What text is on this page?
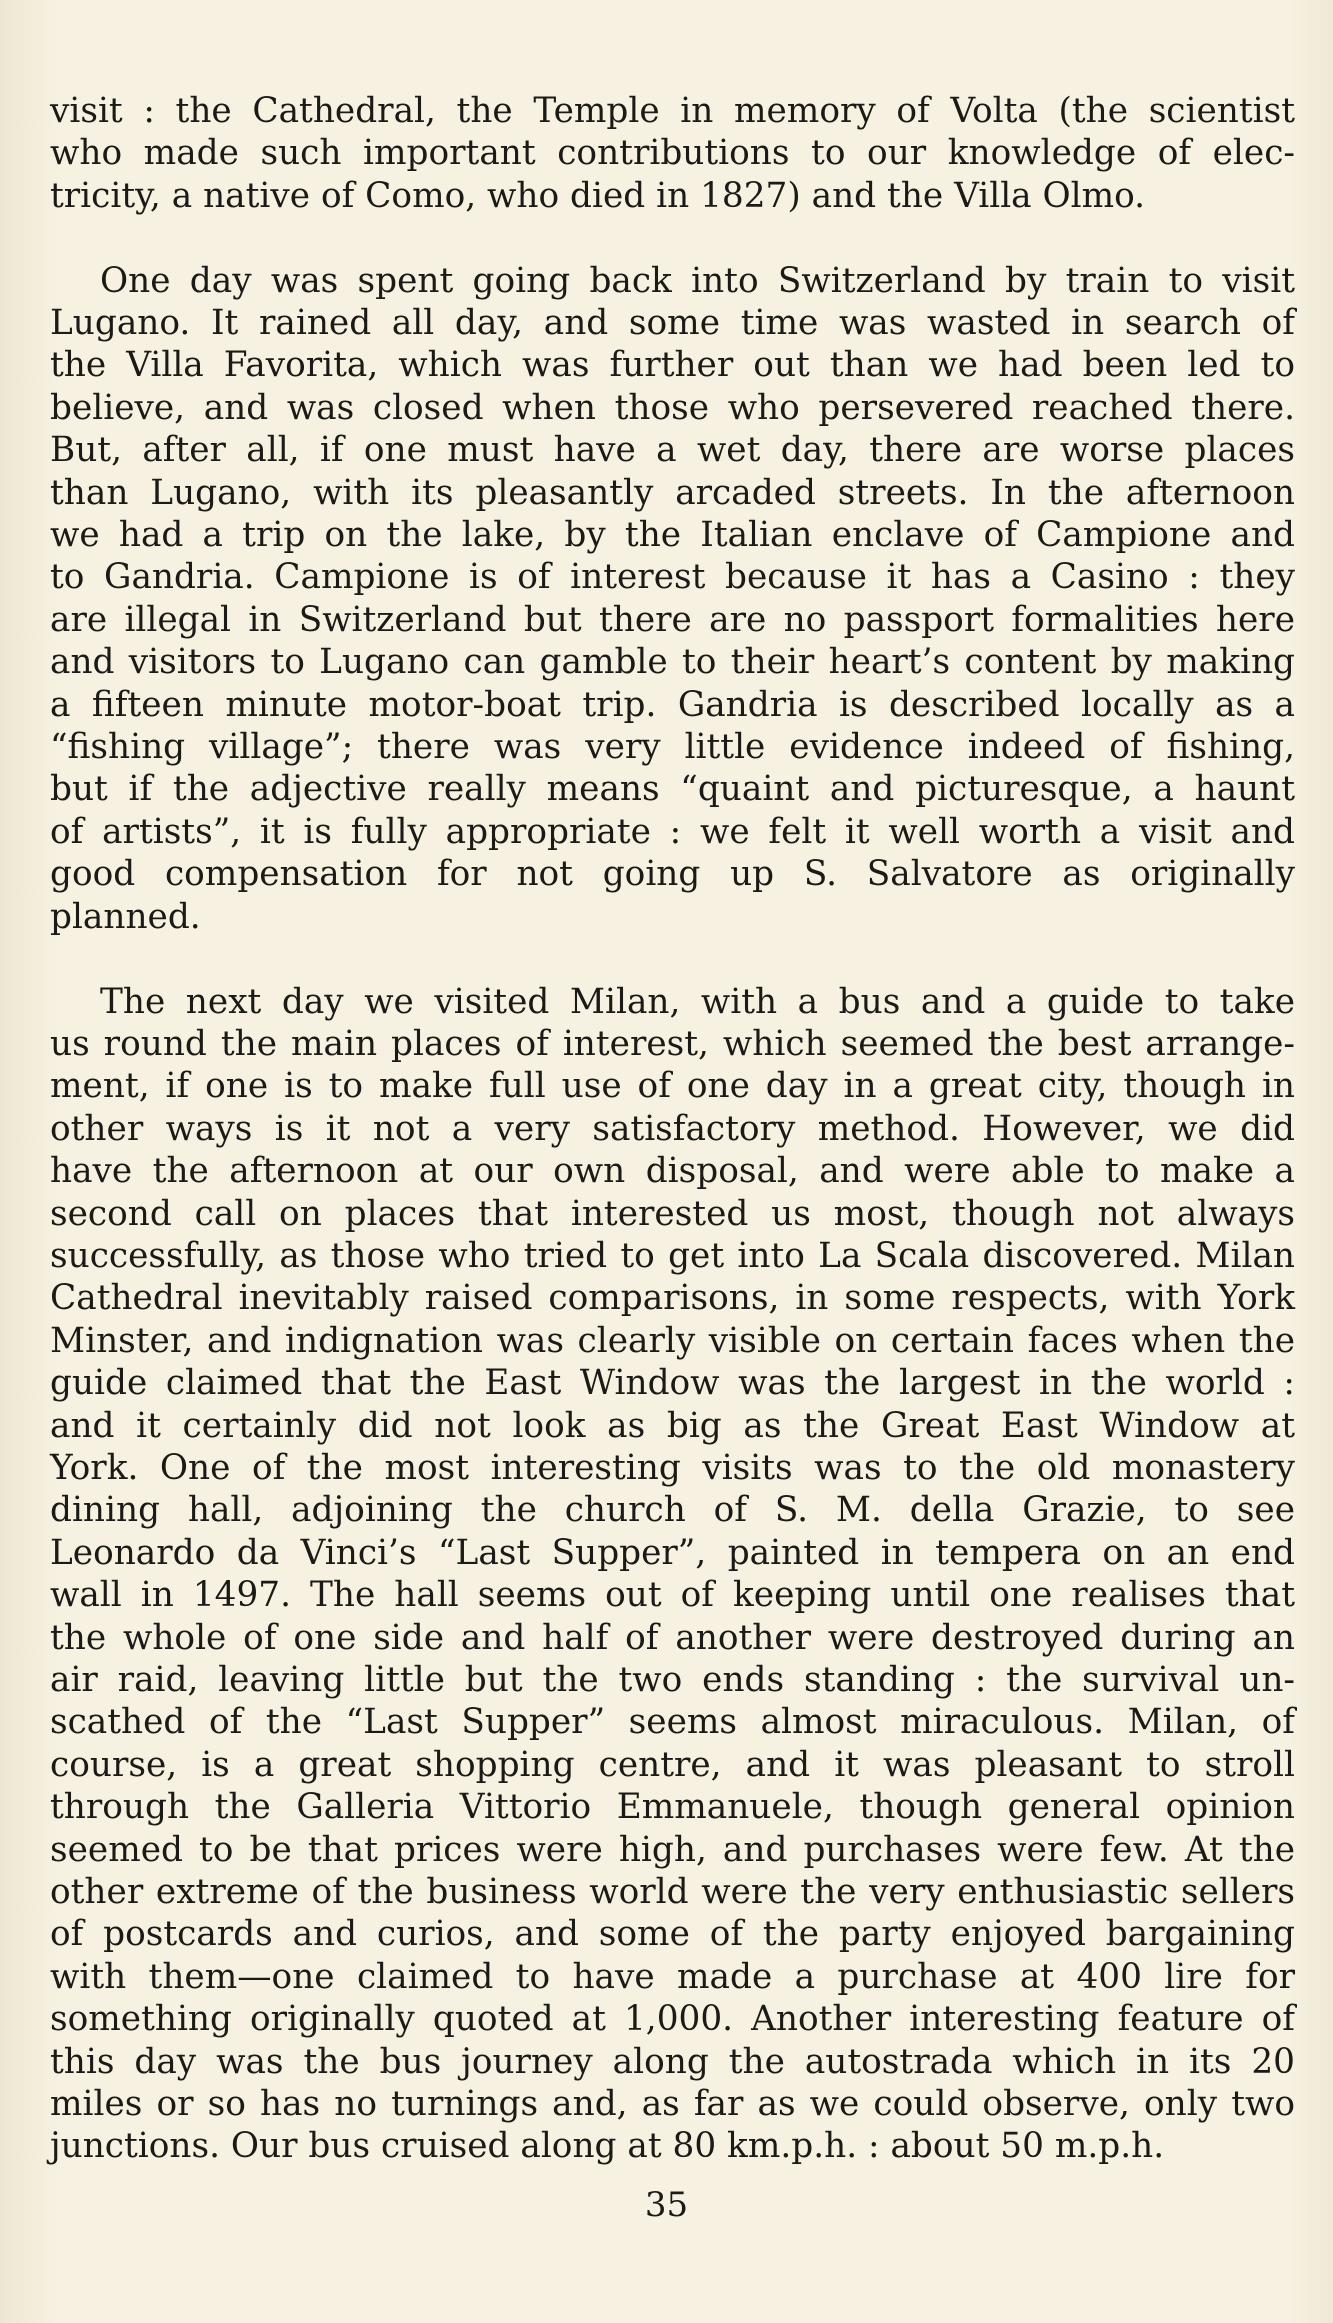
visit : the Cathedral, the Temple in memory of Volta (the scientist
who made such important contributions to our knowledge of elec-
tricity, a native of Como, who died in 1827) and the Villa Olmo.

One day was spent going back into Switzerland by train to visit
Lugano. It rained all day, and some time was wasted in search of
the Villa Favorita, which was further out than we had been led to
believe, and was closed when those who persevered reached there.
But, after all, if one must have a wet day, there are worse places
than Lugano, with its pleasantly arcaded streets. In the afternoon
we had a trip on the lake, by the Italian enclave of Campione and
to Gandria. Campione is of interest because it has a Casino : they
are illegal in Switzerland but there are no passport formalities here
and visitors to Lugano can gamble to their heart’s content by making
a fifteen minute motor-boat trip. Gandria is described locally as a
“fishing village”; there was very little evidence indeed of fishing,
but if the adjective really means “quaint and picturesque, a haunt
of artists”, it is fully appropriate : we felt it well worth a visit and
good compensation for not going up S. Salvatore as originally
planned.

The next day we visited Milan, with a bus and a guide to take
us round the main places of interest, which seemed the best arrange-
ment, if one is to make full use of one day in a great city, though in
other ways is it not a very satisfactory method. However, we did
have the afternoon at our own disposal, and were able to make a
second call on places that interested us most, though not always
successfully, as those who tried to get into La Scala discovered. Milan
Cathedral inevitably raised comparisons, in some respects, with York
Minster, and indignation was clearly visible on certain faces when the
guide claimed that the East Window was the largest in the world :
and it certainly did not look as big as the Great East Window at
York. One of the most interesting visits was to the old monastery
dining hall, adjoining the church of S. M. della Grazie, to see
Leonardo da Vinci’s “Last Supper”, painted in tempera on an end
wall in 1497. The hall seems out of keeping until one realises that
the whole of one side and half of another were destroyed during an
air raid, leaving little but the two ends standing : the survival un-
scathed of the “Last Supper” seems almost miraculous. Milan, of
course, is a great shopping centre, and it was pleasant to stroll
through the Galleria Vittorio Emmanuele, though general opinion
seemed to be that prices were high, and purchases were few. At the
other extreme of the business world were the very enthusiastic sellers
of postcards and curios, and some of the party enjoyed bargaining
with them—one claimed to have made a purchase at 400 lire for
something originally quoted at 1,000. Another interesting feature of
this day was the bus journey along the autostrada which in its 20
miles or so has no turnings and, as far as we could observe, only two
junctions. Our bus cruised along at 80 km.p.h. : about 50 m.p.h.

35
